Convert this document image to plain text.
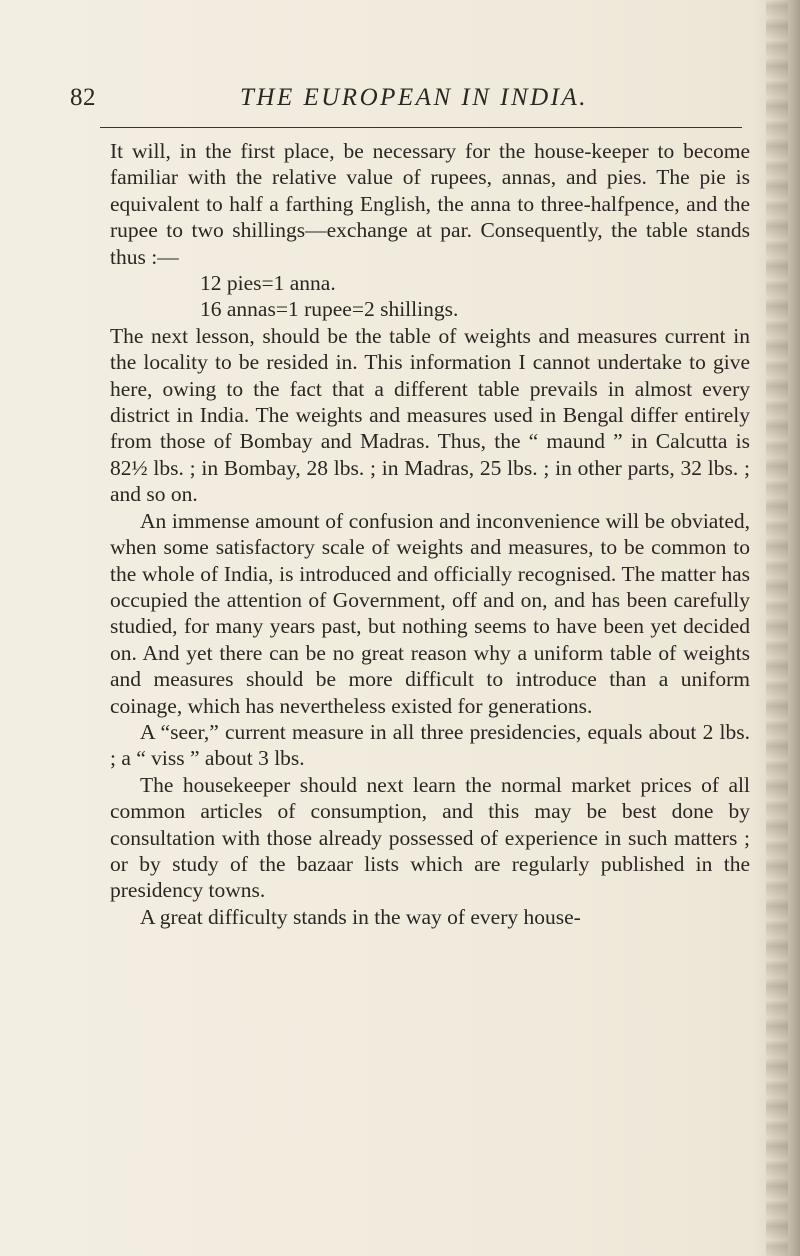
82	THE EUROPEAN IN INDIA.

It will, in the first place, be necessary for the house-keeper to become familiar with the relative value of rupees, annas, and pies. The pie is equivalent to half a farthing English, the anna to three-halfpence, and the rupee to two shillings—exchange at par. Consequently, the table stands thus :—

12 pies=1 anna.

16 annas=1 rupee=2 shillings.

The next lesson, should be the table of weights and measures current in the locality to be resided in. This information I cannot undertake to give here, owing to the fact that a different table prevails in almost every district in India. The weights and measures used in Bengal differ entirely from those of Bombay and Madras. Thus, the “ maund ” in Calcutta is 82½ lbs. ; in Bombay, 28 lbs. ; in Madras, 25 lbs. ; in other parts, 32 lbs. ; and so on.

An immense amount of confusion and inconvenience will be obviated, when some satisfactory scale of weights and measures, to be common to the whole of India, is introduced and officially recognised. The matter has occupied the attention of Government, off and on, and has been carefully studied, for many years past, but nothing seems to have been yet decided on. And yet there can be no great reason why a uniform table of weights and measures should be more difficult to introduce than a uniform coinage, which has nevertheless existed for generations.

A “seer,” current measure in all three presidencies, equals about 2 lbs. ; a “ viss ” about 3 lbs.

The housekeeper should next learn the normal market prices of all common articles of consumption, and this may be best done by consultation with those already possessed of experience in such matters ; or by study of the bazaar lists which are regularly published in the presidency towns.

A great difficulty stands in the way of every house-
